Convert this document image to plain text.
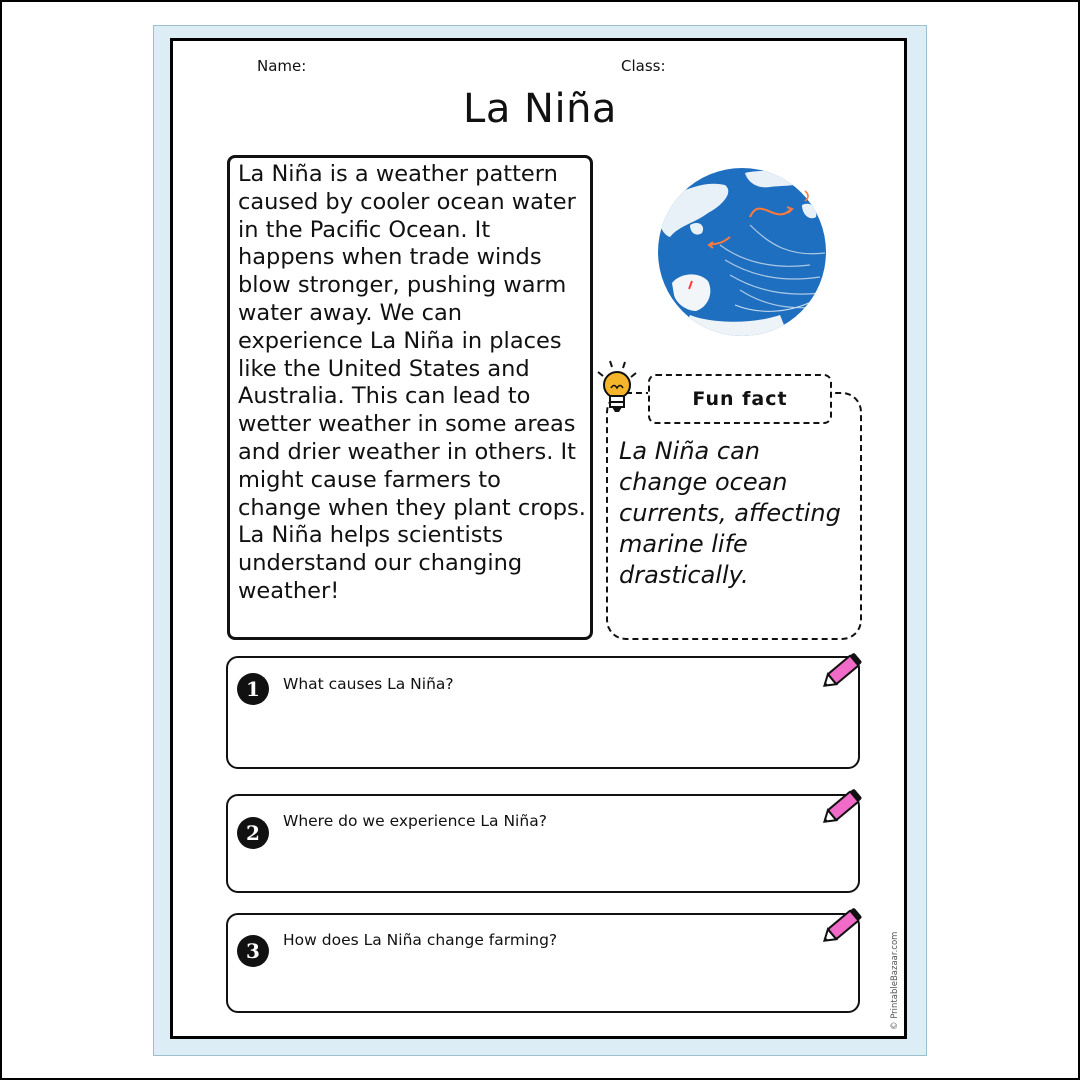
Name:	Class:
La Niña

La Niña is a weather pattern caused by cooler ocean water in the Pacific Ocean. It happens when trade winds blow stronger, pushing warm water away. We can experience La Niña in places like the United States and Australia. This can lead to wetter weather in some areas and drier weather in others. It might cause farmers to change when they plant crops. La Niña helps scientists understand our changing weather!

Fun fact

La Niña can change ocean currents, affecting marine life drastically.

1	What causes La Niña?
2	Where do we experience La Niña?
3	How does La Niña change farming?	© PrintableBazaar.com
